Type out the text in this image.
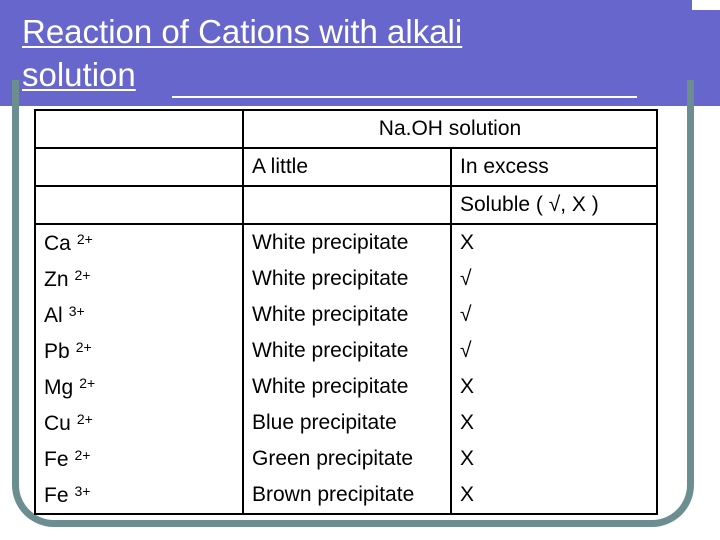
Reaction of Cations with alkali
solution
	Na.OH solution	
	A little	In excess
		Soluble ( √, X )
Ca $^{2+}$	White precipitate	X
Zn $^{2+}$	White precipitate	√
Al $^{3+}$	White precipitate	√
Pb $^{2+}$	White precipitate	√
Mg $^{2+}$	White precipitate	X
Cu $^{2+}$	Blue precipitate	X
Fe $^{2+}$	Green precipitate	X
Fe $^{3+}$	Brown precipitate	X
